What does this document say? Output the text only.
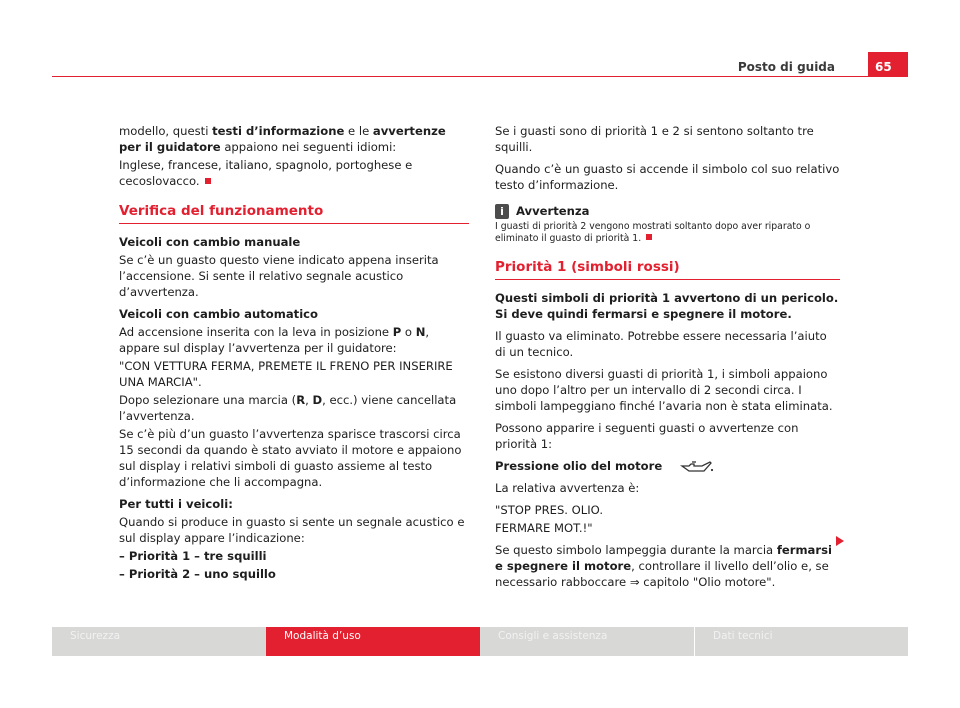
Posto di guida	65

modello, questi testi d’informazione e le avvertenze per il guidatore appaiono nei seguenti idiomi:

Inglese, francese, italiano, spagnolo, portoghese e cecoslovacco.

Verifica del funzionamento

Veicoli con cambio manuale

Se c’è un guasto questo viene indicato appena inserita l’accensione. Si sente il relativo segnale acustico d’avvertenza.

Veicoli con cambio automatico

Ad accensione inserita con la leva in posizione P o N, appare sul display l’avvertenza per il guidatore:

"CON VETTURA FERMA, PREMETE IL FRENO PER INSERIRE UNA MARCIA".

Dopo selezionare una marcia (R, D, ecc.) viene cancellata l’avvertenza.

Se c’è più d’un guasto l’avvertenza sparisce trascorsi circa 15 secondi da quando è stato avviato il motore e appaiono sul display i relativi simboli di guasto assieme al testo d’informazione che li accompagna.

Per tutti i veicoli:

Quando si produce in guasto si sente un segnale acustico e sul display appare l’indicazione:

– Priorità 1 – tre squilli

– Priorità 2 – uno squillo

Se i guasti sono di priorità 1 e 2 si sentono soltanto tre squilli.

Quando c’è un guasto si accende il simbolo col suo relativo testo d’informazione.

i	Avvertenza
I guasti di priorità 2 vengono mostrati soltanto dopo aver riparato o eliminato il guasto di priorità 1.
Priorità 1 (simboli rossi)

Questi simboli di priorità 1 avvertono di un pericolo. Si deve quindi fermarsi e spegnere il motore.

Il guasto va eliminato. Potrebbe essere necessaria l’aiuto di un tecnico.

Se esistono diversi guasti di priorità 1, i simboli appaiono uno dopo l’altro per un intervallo di 2 secondi circa. I simboli lampeggiano finché l’avaria non è stata eliminata.

Possono apparire i seguenti guasti o avvertenze con priorità 1:

Pressione olio del motore

La relativa avvertenza è:

"STOP PRES. OLIO.

FERMARE MOT.!"

Se questo simbolo lampeggia durante la marcia fermarsi e spegnere il motore, controllare il livello dell’olio e, se necessario rabboccare ⇒ capitolo "Olio motore".

Sicurezza	Modalità d’uso	Consigli e assistenza	Dati tecnici
